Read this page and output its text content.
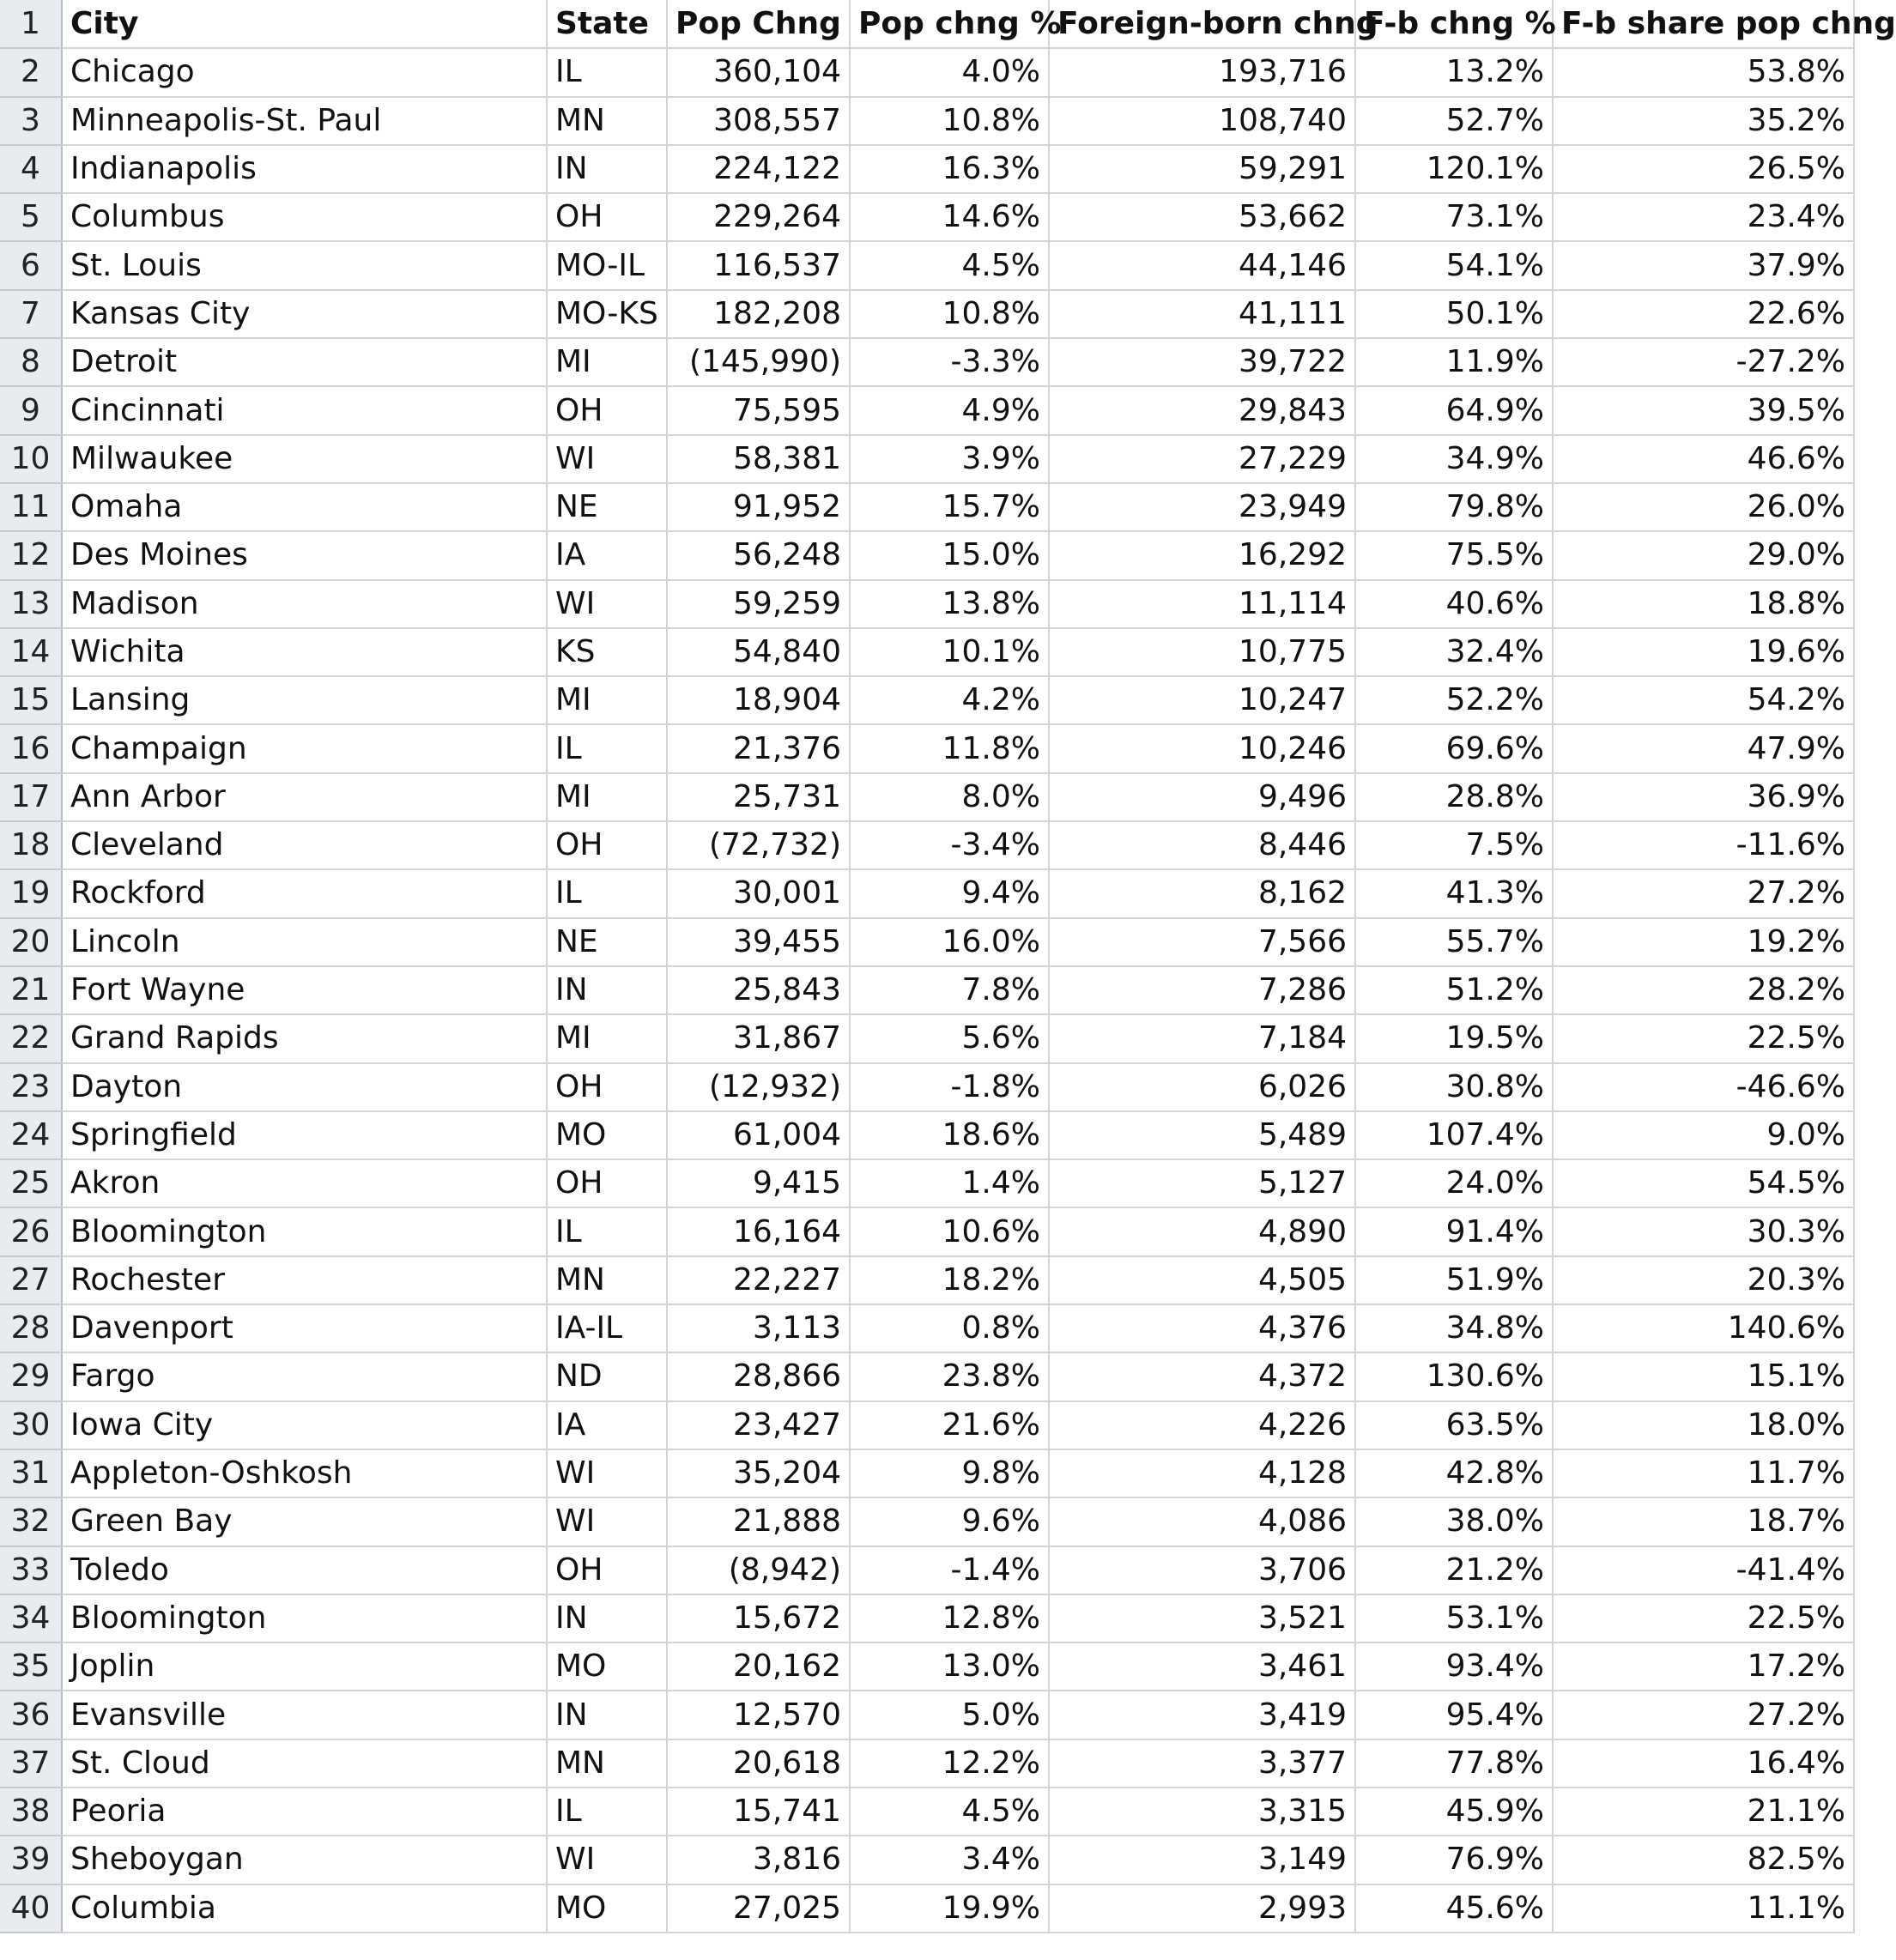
1	City	State	Pop Chng	Pop chng %	Foreign-born chng	F-b chng %	F-b share pop chng
2	Chicago	IL	360,104	4.0%	193,716	13.2%	53.8%
3	Minneapolis-St. Paul	MN	308,557	10.8%	108,740	52.7%	35.2%
4	Indianapolis	IN	224,122	16.3%	59,291	120.1%	26.5%
5	Columbus	OH	229,264	14.6%	53,662	73.1%	23.4%
6	St. Louis	MO-IL	116,537	4.5%	44,146	54.1%	37.9%
7	Kansas City	MO-KS	182,208	10.8%	41,111	50.1%	22.6%
8	Detroit	MI	(145,990)	-3.3%	39,722	11.9%	-27.2%
9	Cincinnati	OH	75,595	4.9%	29,843	64.9%	39.5%
10	Milwaukee	WI	58,381	3.9%	27,229	34.9%	46.6%
11	Omaha	NE	91,952	15.7%	23,949	79.8%	26.0%
12	Des Moines	IA	56,248	15.0%	16,292	75.5%	29.0%
13	Madison	WI	59,259	13.8%	11,114	40.6%	18.8%
14	Wichita	KS	54,840	10.1%	10,775	32.4%	19.6%
15	Lansing	MI	18,904	4.2%	10,247	52.2%	54.2%
16	Champaign	IL	21,376	11.8%	10,246	69.6%	47.9%
17	Ann Arbor	MI	25,731	8.0%	9,496	28.8%	36.9%
18	Cleveland	OH	(72,732)	-3.4%	8,446	7.5%	-11.6%
19	Rockford	IL	30,001	9.4%	8,162	41.3%	27.2%
20	Lincoln	NE	39,455	16.0%	7,566	55.7%	19.2%
21	Fort Wayne	IN	25,843	7.8%	7,286	51.2%	28.2%
22	Grand Rapids	MI	31,867	5.6%	7,184	19.5%	22.5%
23	Dayton	OH	(12,932)	-1.8%	6,026	30.8%	-46.6%
24	Springfield	MO	61,004	18.6%	5,489	107.4%	9.0%
25	Akron	OH	9,415	1.4%	5,127	24.0%	54.5%
26	Bloomington	IL	16,164	10.6%	4,890	91.4%	30.3%
27	Rochester	MN	22,227	18.2%	4,505	51.9%	20.3%
28	Davenport	IA-IL	3,113	0.8%	4,376	34.8%	140.6%
29	Fargo	ND	28,866	23.8%	4,372	130.6%	15.1%
30	Iowa City	IA	23,427	21.6%	4,226	63.5%	18.0%
31	Appleton-Oshkosh	WI	35,204	9.8%	4,128	42.8%	11.7%
32	Green Bay	WI	21,888	9.6%	4,086	38.0%	18.7%
33	Toledo	OH	(8,942)	-1.4%	3,706	21.2%	-41.4%
34	Bloomington	IN	15,672	12.8%	3,521	53.1%	22.5%
35	Joplin	MO	20,162	13.0%	3,461	93.4%	17.2%
36	Evansville	IN	12,570	5.0%	3,419	95.4%	27.2%
37	St. Cloud	MN	20,618	12.2%	3,377	77.8%	16.4%
38	Peoria	IL	15,741	4.5%	3,315	45.9%	21.1%
39	Sheboygan	WI	3,816	3.4%	3,149	76.9%	82.5%
40	Columbia	MO	27,025	19.9%	2,993	45.6%	11.1%
